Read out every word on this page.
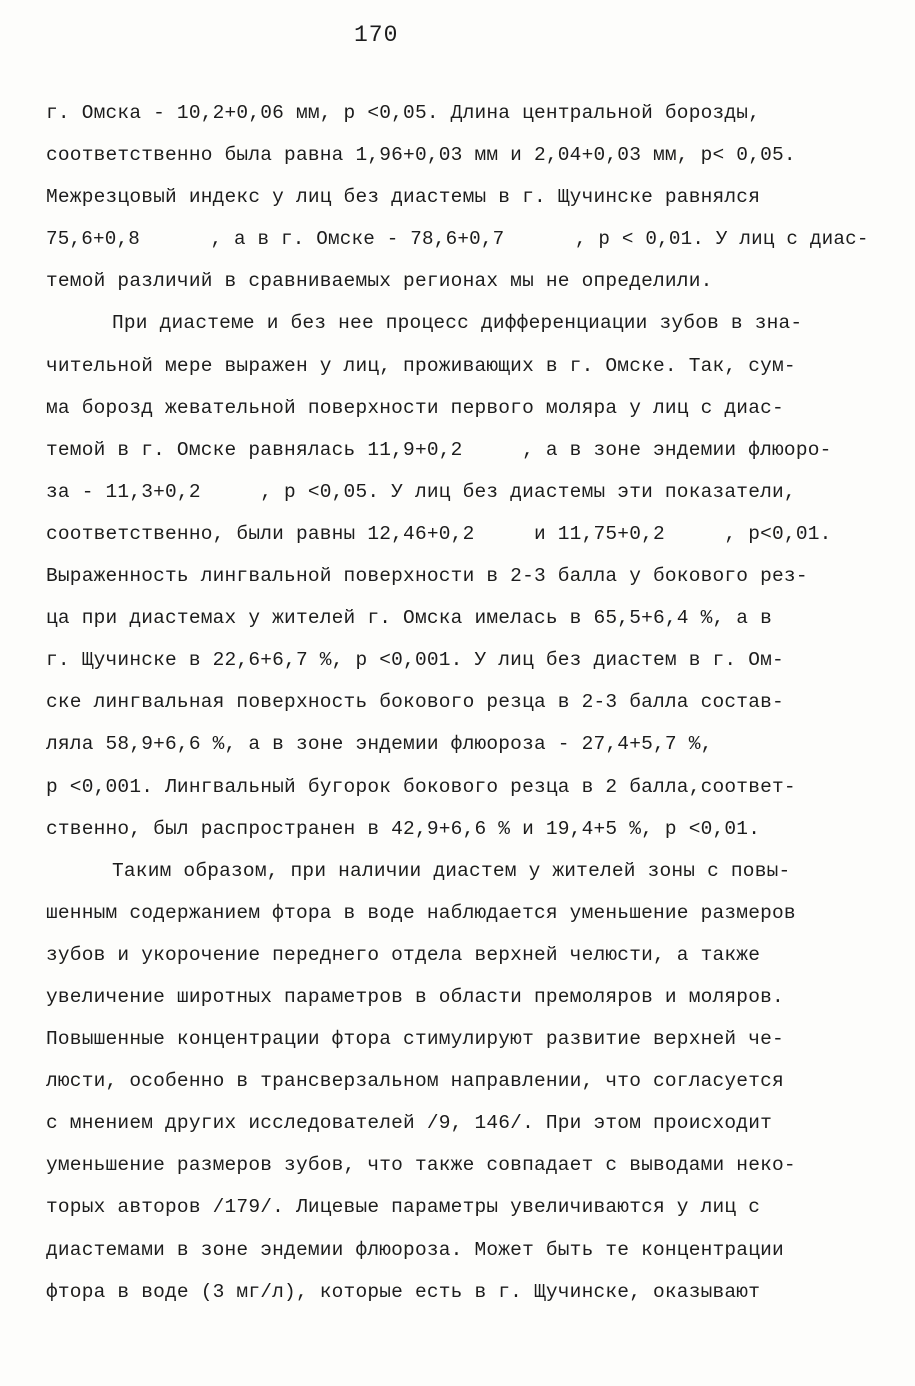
170

г. Омска - 10,2+0,06 мм, р <0,05. Длина центральной борозды,
соответственно была равна 1,96+0,03 мм и 2,04+0,03 мм, р< 0,05.
Межрезцовый индекс у лиц без диастемы в г. Щучинске равнялся
75,6+0,8      , а в г. Омске - 78,6+0,7      , р < 0,01. У лиц с диас-
темой различий в сравниваемых регионах мы не определили.
При диастеме и без нее процесс дифференциации зубов в зна-
чительной мере выражен у лиц, проживающих в г. Омске. Так, сум-
ма борозд жевательной поверхности первого моляра у лиц с диас-
темой в г. Омске равнялась 11,9+0,2     , а в зоне эндемии флюоро-
за - 11,3+0,2     , р <0,05. У лиц без диастемы эти показатели,
соответственно, были равны 12,46+0,2     и 11,75+0,2     , р<0,01.
Выраженность лингвальной поверхности в 2-3 балла у бокового рез-
ца при диастемах у жителей г. Омска имелась в 65,5+6,4 %, а в
г. Щучинске в 22,6+6,7 %, р <0,001. У лиц без диастем в г. Ом-
ске лингвальная поверхность бокового резца в 2-3 балла состав-
ляла 58,9+6,6 %, а в зоне эндемии флюороза - 27,4+5,7 %,
р <0,001. Лингвальный бугорок бокового резца в 2 балла,соответ-
ственно, был распространен в 42,9+6,6 % и 19,4+5 %, р <0,01.
Таким образом, при наличии диастем у жителей зоны с повы-
шенным содержанием фтора в воде наблюдается уменьшение размеров
зубов и укорочение переднего отдела верхней челюсти, а также
увеличение широтных параметров в области премоляров и моляров.
Повышенные концентрации фтора стимулируют развитие верхней че-
люсти, особенно в трансверзальном направлении, что согласуется
с мнением других исследователей /9, 146/. При этом происходит
уменьшение размеров зубов, что также совпадает с выводами неко-
торых авторов /179/. Лицевые параметры увеличиваются у лиц с
диастемами в зоне эндемии флюороза. Может быть те концентрации
фтора в воде (3 мг/л), которые есть в г. Щучинске, оказывают
